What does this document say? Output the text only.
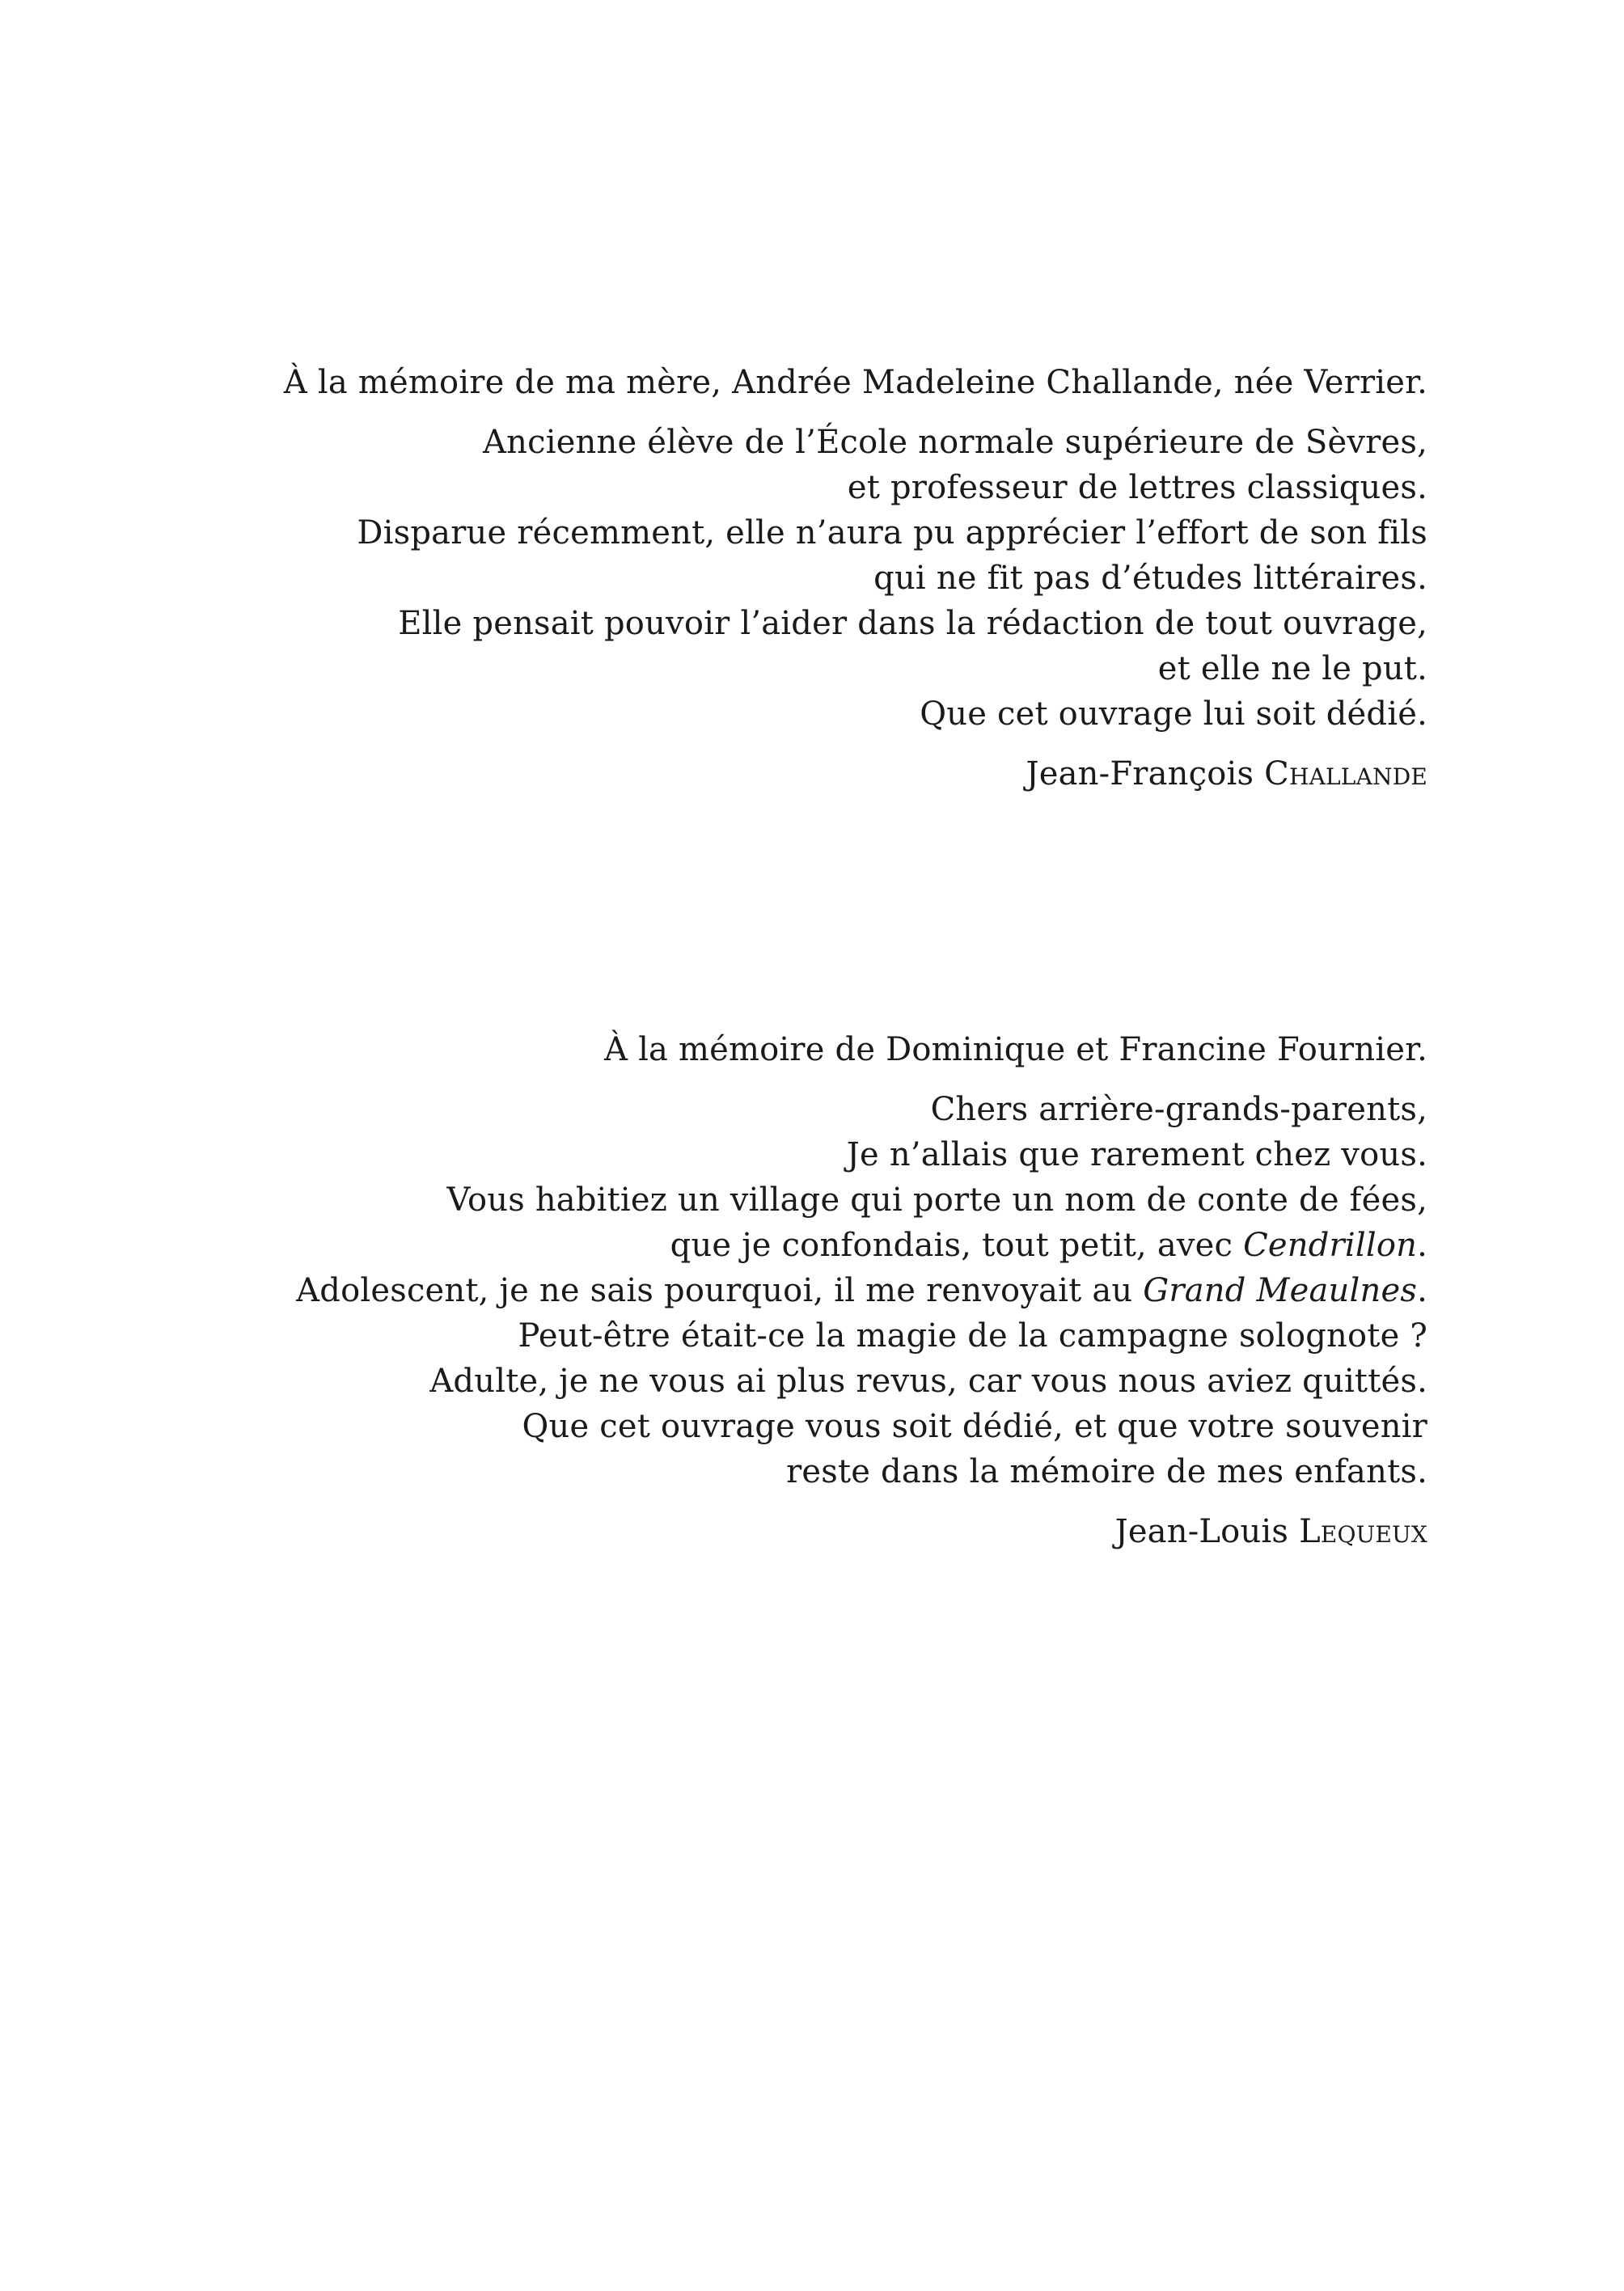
À la mémoire de ma mère, Andrée Madeleine Challande, née Verrier.

Ancienne élève de l’École normale supérieure de Sèvres,
et professeur de lettres classiques.
Disparue récemment, elle n’aura pu apprécier l’effort de son fils
qui ne fit pas d’études littéraires.
Elle pensait pouvoir l’aider dans la rédaction de tout ouvrage,
et elle ne le put.
Que cet ouvrage lui soit dédié.

Jean-François Challande

À la mémoire de Dominique et Francine Fournier.

Chers arrière-grands-parents,
Je n’allais que rarement chez vous.
Vous habitiez un village qui porte un nom de conte de fées,
que je confondais, tout petit, avec Cendrillon.
Adolescent, je ne sais pourquoi, il me renvoyait au Grand Meaulnes.
Peut-être était-ce la magie de la campagne solognote ?
Adulte, je ne vous ai plus revus, car vous nous aviez quittés.
Que cet ouvrage vous soit dédié, et que votre souvenir
reste dans la mémoire de mes enfants.

Jean-Louis Lequeux
